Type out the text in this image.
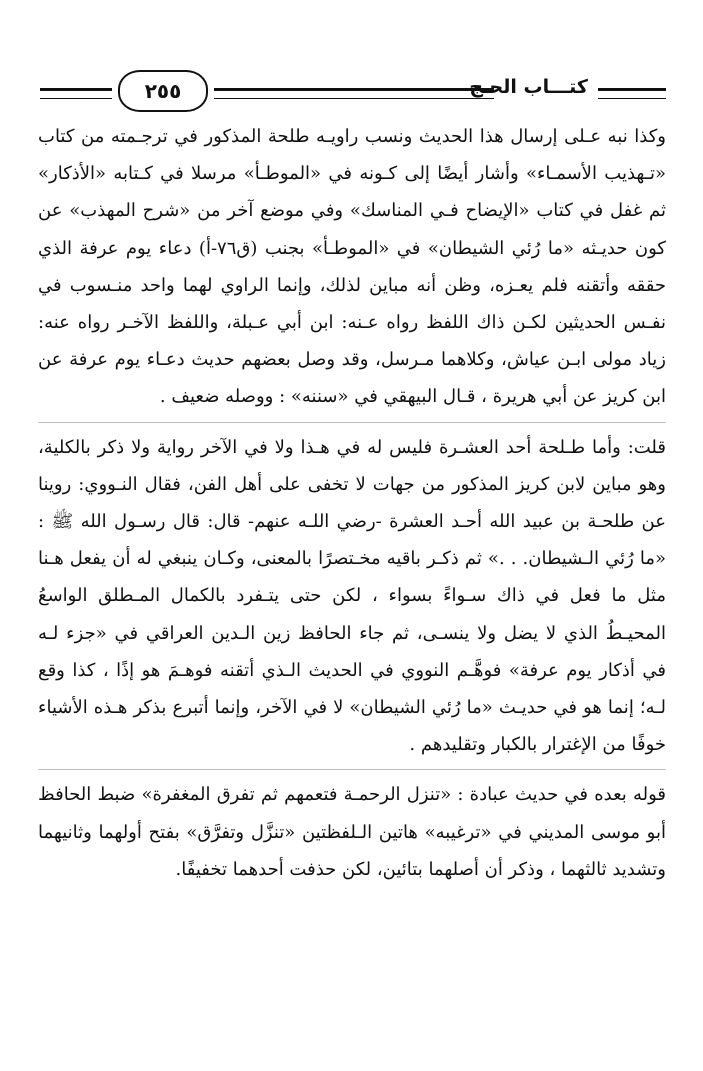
كتـــاب الحـج
٢٥٥

وكذا نبه عـلى إرسال هذا الحديث ونسب راويـه طلحة المذكور في ترجـمته من كتاب «تـهذيب الأسمـاء» وأشار أيضًا إلى كـونه في «الموطـأ» مرسلا في كـتابه «الأذكار» ثم غفل في كتاب «الإيضاح فـي المناسك» وفي موضع آخر من «شرح المهذب» عن كون حديـثه «ما رُئي الشيطان» في «الموطـأ» بجنب (ق٧٦-أ) دعاء يوم عرفة الذي حققه وأتقنه فلم يعـزه، وظن أنه مباين لذلك، وإنما الراوي لهما واحد منـسوب في نفـس الحديثين لكـن ذاك اللفظ رواه عـنه: ابن أبي عـبلة، واللفظ الآخـر رواه عنه: زياد مولى ابـن عياش، وكلاهما مـرسل، وقد وصل بعضهم حديث دعـاء يوم عرفة عن ابن كريز عن أبي هريرة ، قـال البيهقي في «سننه» : ووصله ضعيف .

قلت: وأما طـلحة أحد العشـرة فليس له في هـذا ولا في الآخر رواية ولا ذكر بالكلية، وهو مباين لابن كريز المذكور من جهات لا تخفى على أهل الفن، فقال النـووي: روينا عن طلحـة بن عبيد الله أحـد العشرة -رضي اللـه عنهم- قال: قال رسـول الله ﷺ : «ما رُئي الـشيطان. . .» ثم ذكـر باقيه مخـتصرًا بالمعنى، وكـان ينبغي له أن يفعل هـنا مثل ما فعل في ذاك سـواءً بسواء ، لكن حتى يتـفرد بالكمال المـطلق الواسعُ المحيـطُ الذي لا يضل ولا ينسـى، ثم جاء الحافظ زين الـدين العراقي في «جزء لـه في أذكار يوم عرفة» فوهَّـم النووي في الحديث الـذي أتقنه فوهـمَ هو إذًا ، كذا وقع لـه؛ إنما هو في حديـث «ما رُئي الشيطان» لا في الآخر، وإنما أتبرع بذكر هـذه الأشياء خوفًا من الإغترار بالكبار وتقليدهم .

قوله بعده في حديث عبادة : «تنزل الرحمـة فتعمهم ثم تفرق المغفرة» ضبط الحافظ أبو موسى المديني في «ترغيبه» هاتين الـلفظتين «تنزَّل وتفرَّق» بفتح أولهما وثانيهما وتشديد ثالثهما ، وذكر أن أصلهما بتائين، لكن حذفت أحدهما تخفيفًا.
